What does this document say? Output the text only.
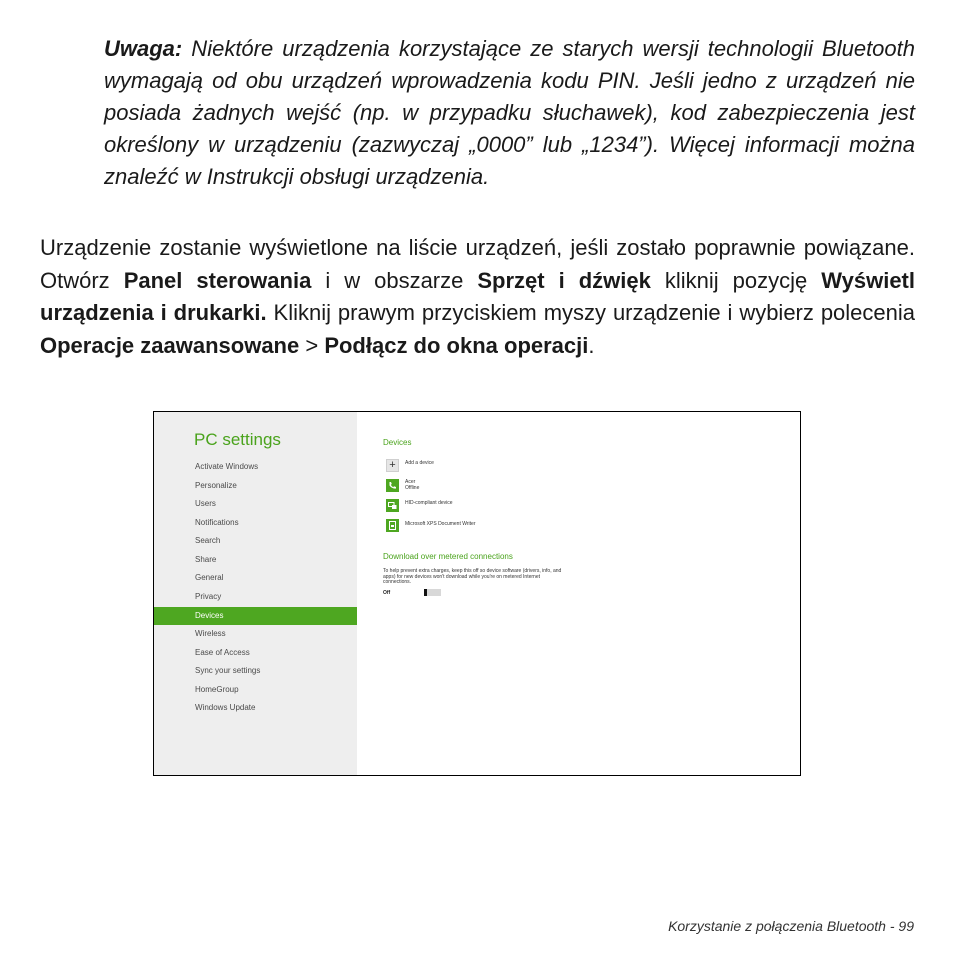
Uwaga: Niektóre urządzenia korzystające ze starych wersji technologii Bluetooth wymagają od obu urządzeń wprowadzenia kodu PIN. Jeśli jedno z urządzeń nie posiada żadnych wejść (np. w przypadku słuchawek), kod zabezpieczenia jest określony w urządzeniu (zazwyczaj „0000” lub „1234”). Więcej informacji można znaleźć w Instrukcji obsługi urządzenia.

Urządzenie zostanie wyświetlone na liście urządzeń, jeśli zostało poprawnie powiązane. Otwórz Panel sterowania i w obszarze Sprzęt i dźwięk kliknij pozycję Wyświetl urządzenia i drukarki. Kliknij prawym przyciskiem myszy urządzenie i wybierz polecenia Operacje zaawansowane > Podłącz do okna operacji.

PC settings
Activate Windows
Personalize
Users
Notifications
Search
Share
General
Privacy
Devices
Wireless
Ease of Access
Sync your settings
HomeGroup
Windows Update
Devices
+	Add a device
Acer
Offline
HID-compliant device
Microsoft XPS Document Writer
Download over metered connections
To help prevent extra charges, keep this off so device software (drivers, info, and apps) for new devices won't download while you're on metered Internet connections.
Off
Korzystanie z połączenia Bluetooth - 99
